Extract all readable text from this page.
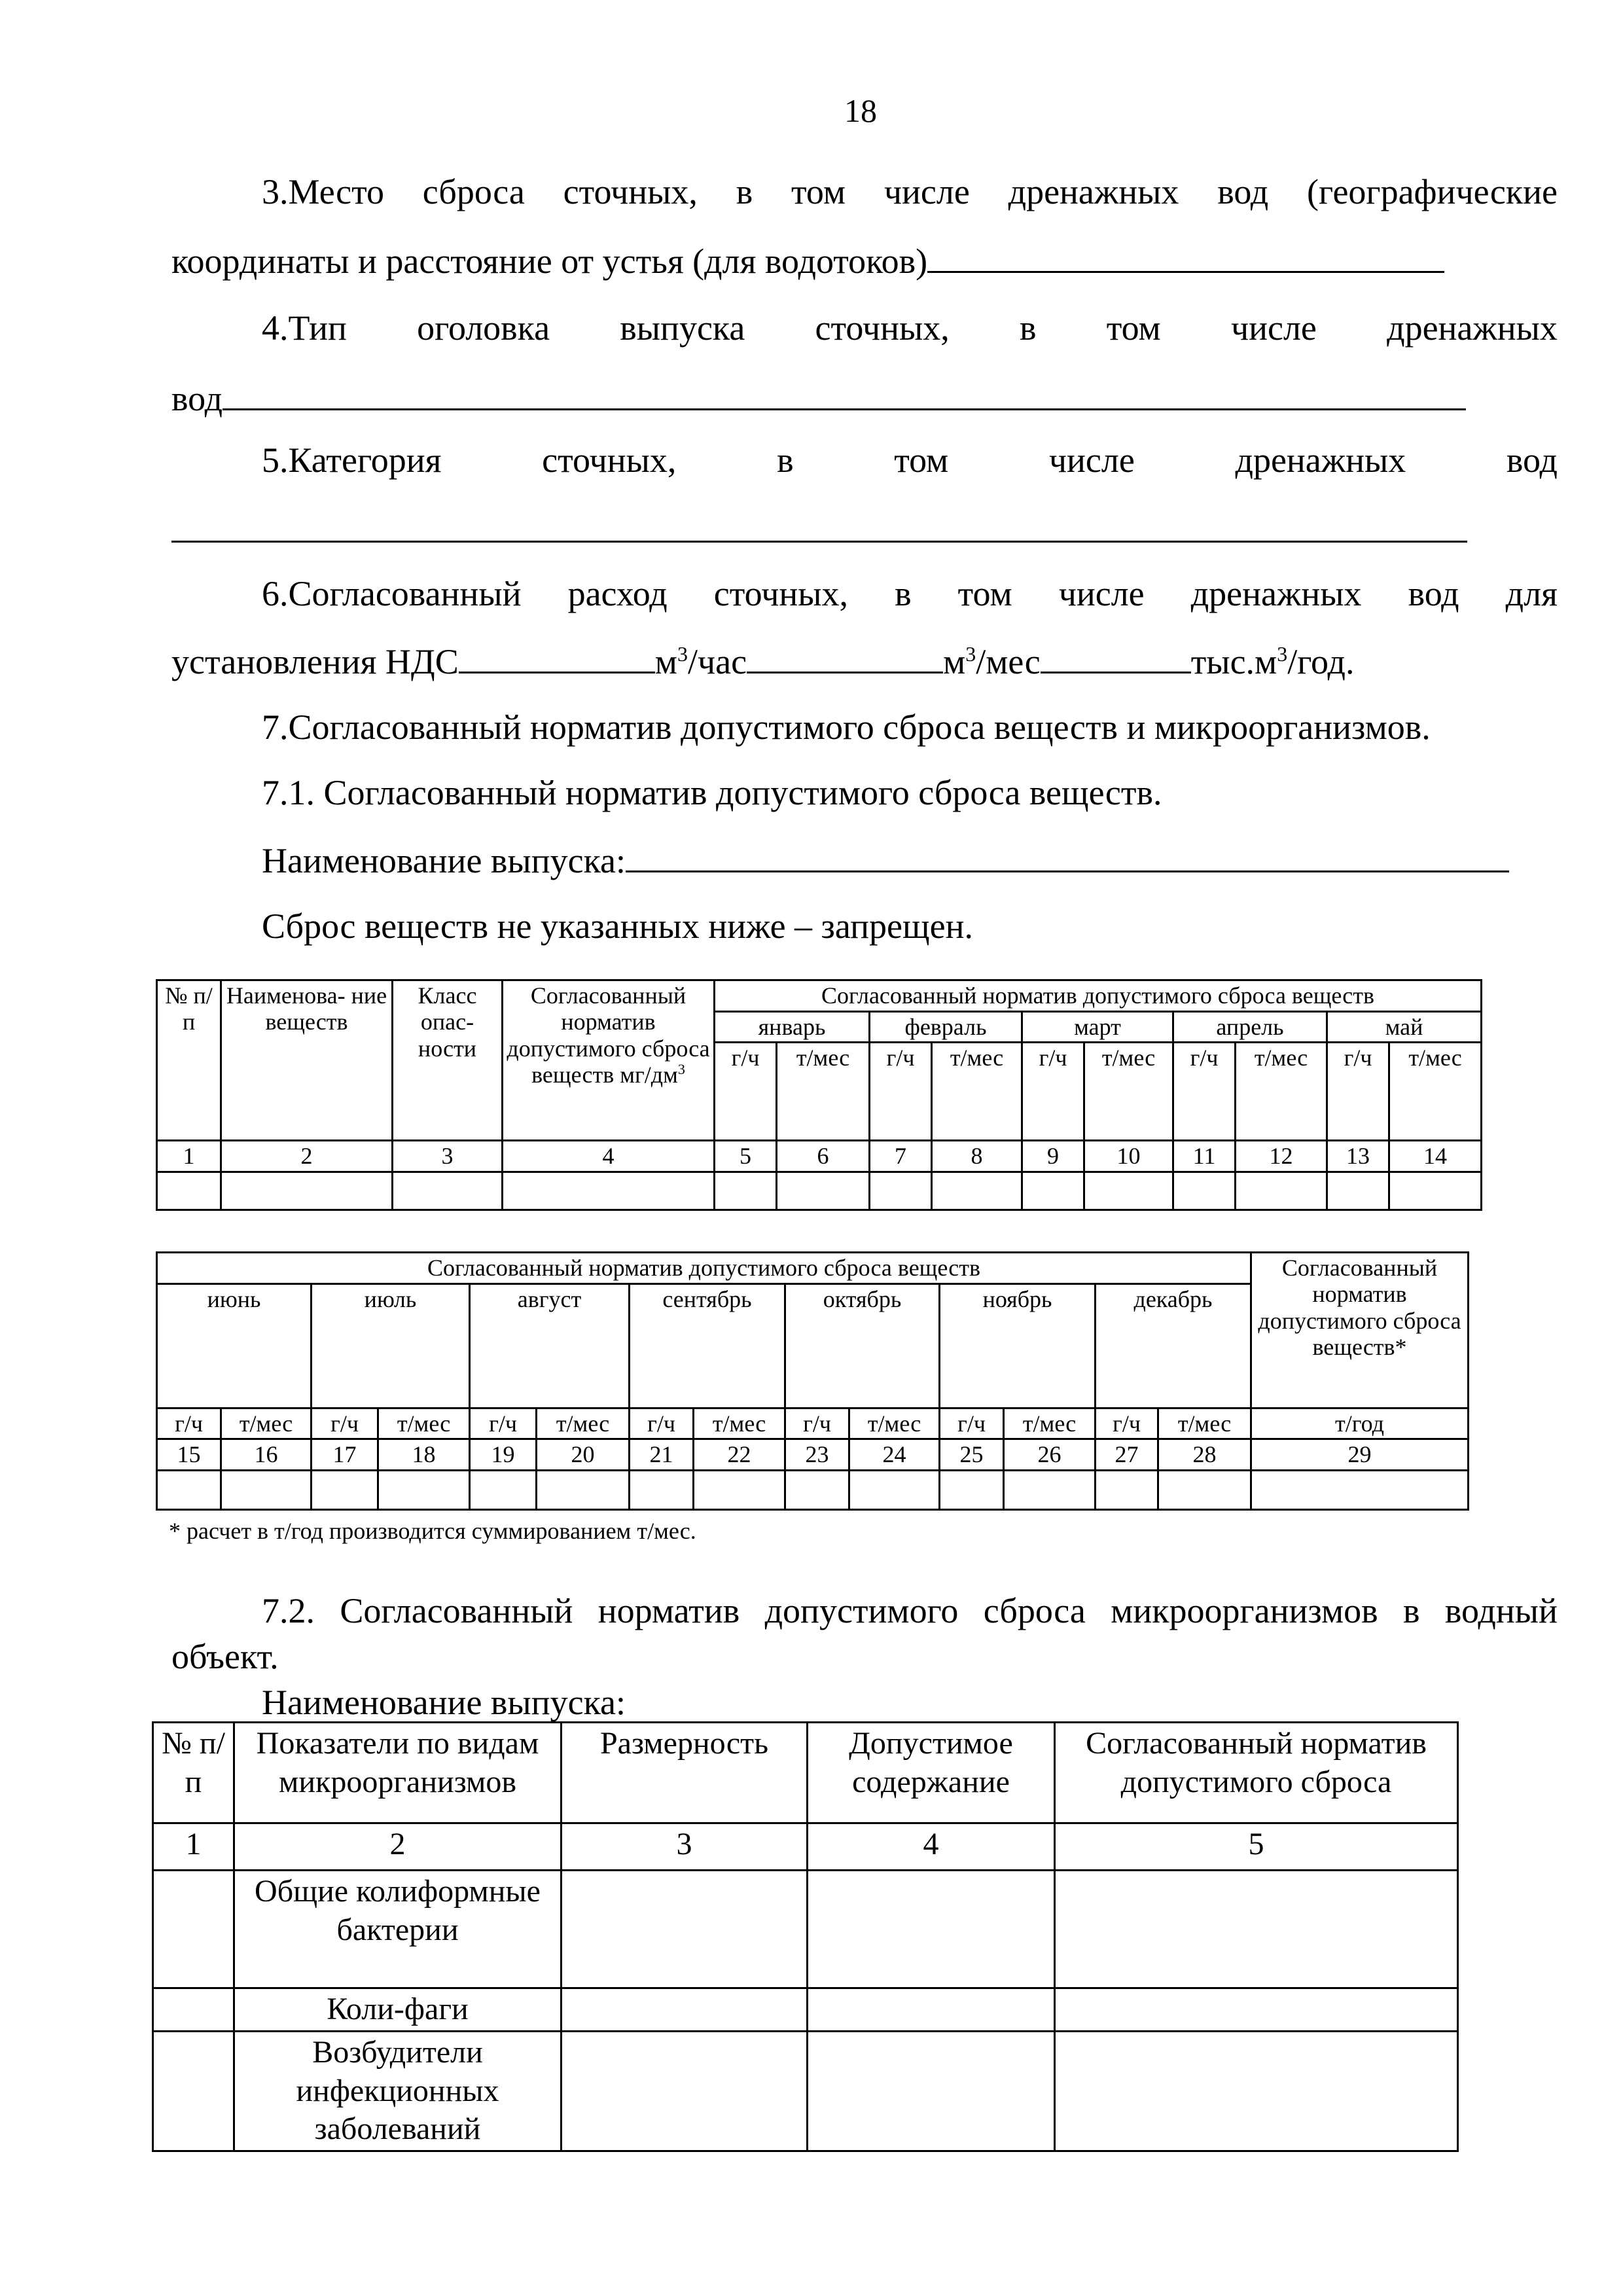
18
3.Место сброса сточных, в том числе дренажных вод (географические
координаты и расстояние от устья (для водотоков)
4.Тип оголовка выпуска сточных, в том числе дренажных
вод
5.Категория	сточных,	в	том	числе	дренажных	вод
6.Согласованный расход сточных, в том числе дренажных вод для
установления НДС	$м^3$/час	$м^3$/мес	$тыс.м^3$/год.
7.Согласованный норматив допустимого сброса веществ и микроорганизмов.
7.1. Согласованный норматив допустимого сброса веществ.
Наименование выпуска:
Сброс веществ не указанных ниже – запрещен.
№ п/п	Наименова- ние веществ	Класс опас- ности	Согласованный норматив допустимого сброса веществ $мг/дм^3$	Согласованный норматив допустимого сброса веществ									
				январь		февраль		март		апрель		май	
				г/ч	т/мес	г/ч	т/мес	г/ч	т/мес	г/ч	т/мес	г/ч	т/мес
1	2	3	4	5	6	7	8	9	10	11	12	13	14

Согласованный норматив допустимого сброса веществ														Согласованный норматив допустимого сброса веществ*
июнь		июль		август		сентябрь		октябрь		ноябрь		декабрь		
г/ч	т/мес	г/ч	т/мес	г/ч	т/мес	г/ч	т/мес	г/ч	т/мес	г/ч	т/мес	г/ч	т/мес	т/год
15	16	17	18	19	20	21	22	23	24	25	26	27	28	29

* расчет в т/год производится суммированием т/мес.
7.2. Согласованный норматив допустимого сброса микроорганизмов в водный
объект.
Наименование выпуска:
№ п/п	Показатели по видам микроорганизмов	Размерность	Допустимое содержание	Согласованный норматив допустимого сброса
1	2	3	4	5
	Общие колиформные бактерии			
	Коли-фаги			
	Возбудители инфекционных заболеваний			
